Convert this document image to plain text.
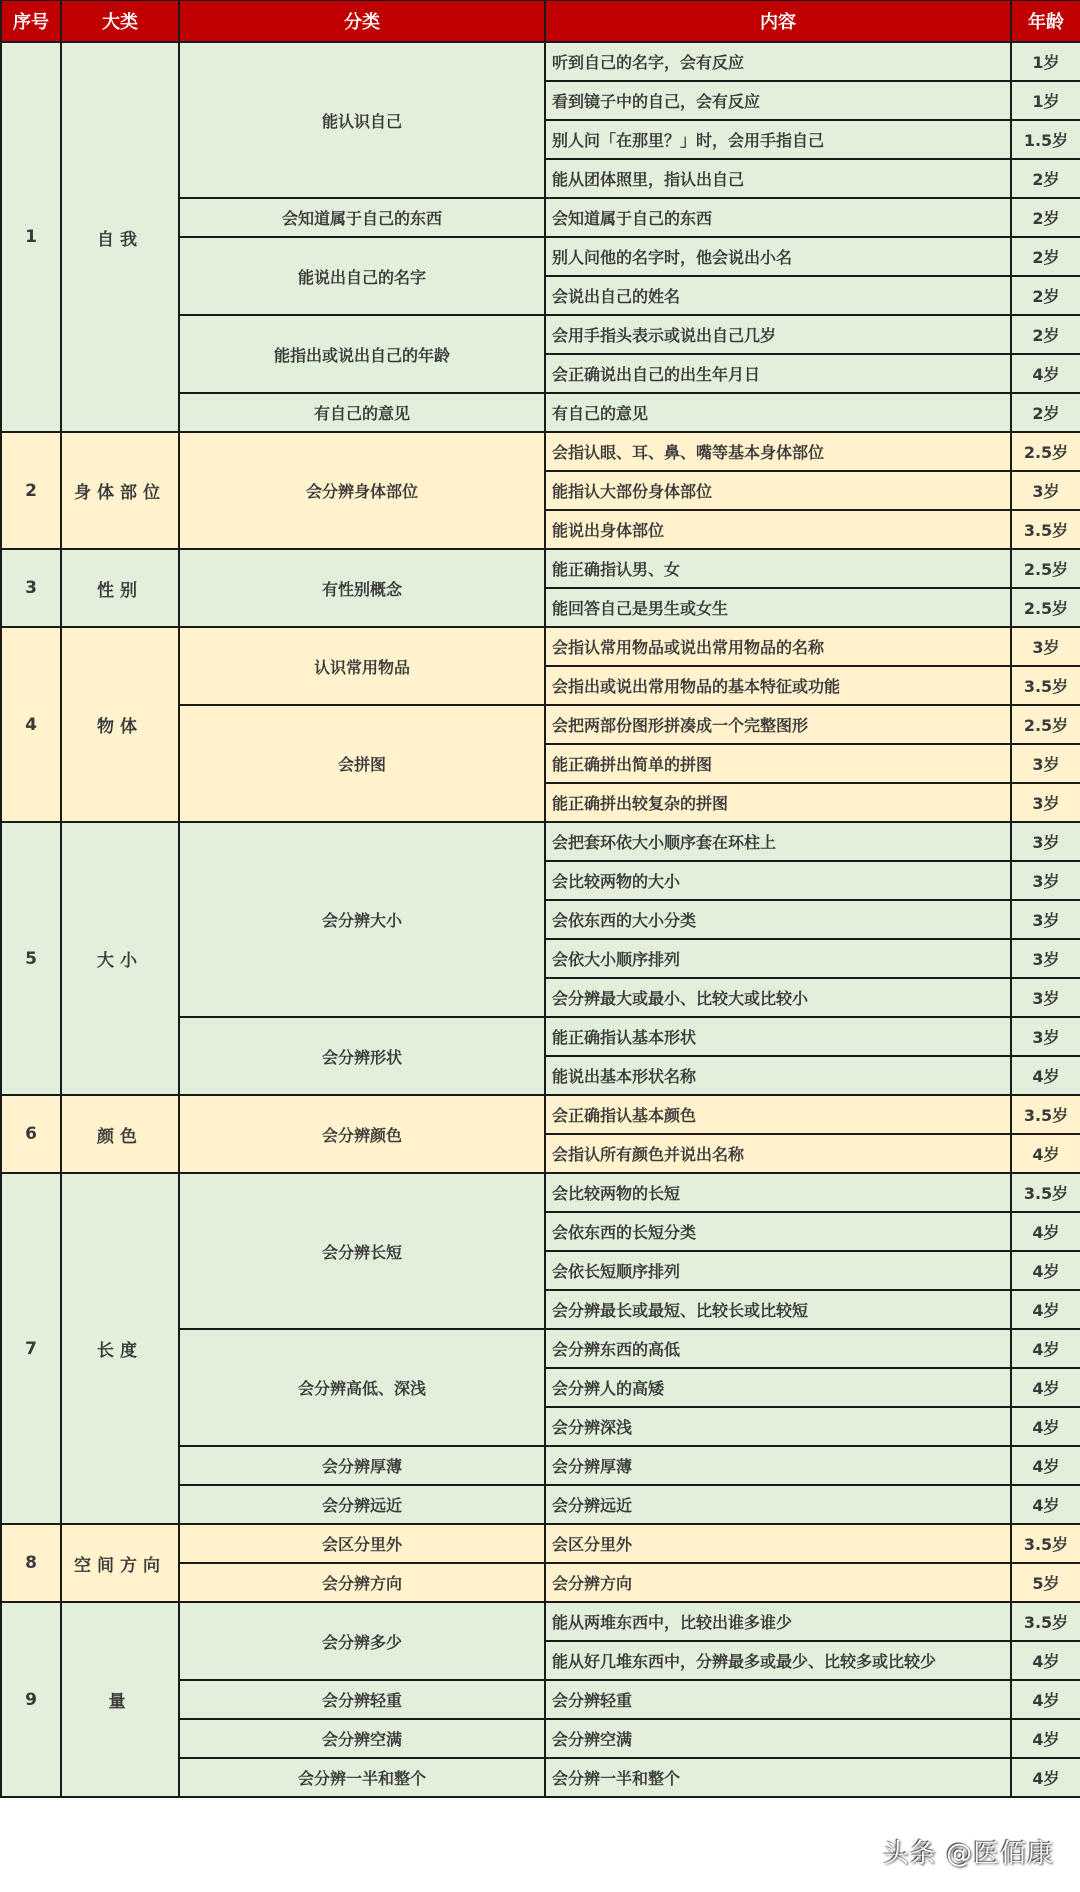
序号	大类	分类	内容	年龄
1	自我	能认识自己	听到自己的名字，会有反应	1岁
			看到镜子中的自己，会有反应	1岁
			别人问「在那里？」时，会用手指自己	1.5岁
			能从团体照里，指认出自己	2岁
		会知道属于自己的东西	会知道属于自己的东西	2岁
		能说出自己的名字	别人问他的名字时，他会说出小名	2岁
			会说出自己的姓名	2岁
		能指出或说出自己的年龄	会用手指头表示或说出自己几岁	2岁
			会正确说出自己的出生年月日	4岁
		有自己的意见	有自己的意见	2岁
2	身体部位	会分辨身体部位	会指认眼、耳、鼻、嘴等基本身体部位	2.5岁
			能指认大部份身体部位	3岁
			能说出身体部位	3.5岁
3	性别	有性别概念	能正确指认男、女	2.5岁
			能回答自己是男生或女生	2.5岁
4	物体	认识常用物品	会指认常用物品或说出常用物品的名称	3岁
			会指出或说出常用物品的基本特征或功能	3.5岁
		会拼图	会把两部份图形拼凑成一个完整图形	2.5岁
			能正确拼出简单的拼图	3岁
			能正确拼出较复杂的拼图	3岁
5	大小	会分辨大小	会把套环依大小顺序套在环柱上	3岁
			会比较两物的大小	3岁
			会依东西的大小分类	3岁
			会依大小顺序排列	3岁
			会分辨最大或最小、比较大或比较小	3岁
		会分辨形状	能正确指认基本形状	3岁
			能说出基本形状名称	4岁
6	颜色	会分辨颜色	会正确指认基本颜色	3.5岁
			会指认所有颜色并说出名称	4岁
7	长度	会分辨长短	会比较两物的长短	3.5岁
			会依东西的长短分类	4岁
			会依长短顺序排列	4岁
			会分辨最长或最短、比较长或比较短	4岁
		会分辨高低、深浅	会分辨东西的高低	4岁
			会分辨人的高矮	4岁
			会分辨深浅	4岁
		会分辨厚薄	会分辨厚薄	4岁
		会分辨远近	会分辨远近	4岁
8	空间方向	会区分里外	会区分里外	3.5岁
		会分辨方向	会分辨方向	5岁
9	量	会分辨多少	能从两堆东西中，比较出谁多谁少	3.5岁
			能从好几堆东西中，分辨最多或最少、比较多或比较少	4岁
		会分辨轻重	会分辨轻重	4岁
		会分辨空满	会分辨空满	4岁
		会分辨一半和整个	会分辨一半和整个	4岁
头条 @医佰康
